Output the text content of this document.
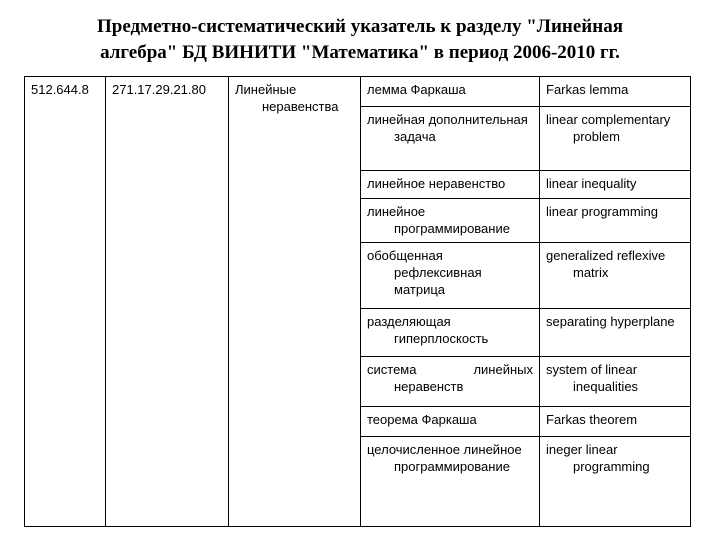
Предметно-систематический указатель к разделу "Линейная
алгебра" БД ВИНИТИ "Математика" в период 2006-2010 гг.
512.644.8	271.17.29.21.80	Линейные неравенства	лемма Фаркаша	Farkas lemma

			линейная дополнительная задача	linear complementary problem

			линейное неравенство	linear inequality

			линейное программирование	linear programming

			обобщенная рефлексивная матрица	generalized reflexive matrix

			разделяющая гиперплоскость	separating hyperplane

			система линейных неравенств	system of linear inequalities

			теорема Фаркаша	Farkas theorem

			целочисленное линейное программирование	ineger linear programming
